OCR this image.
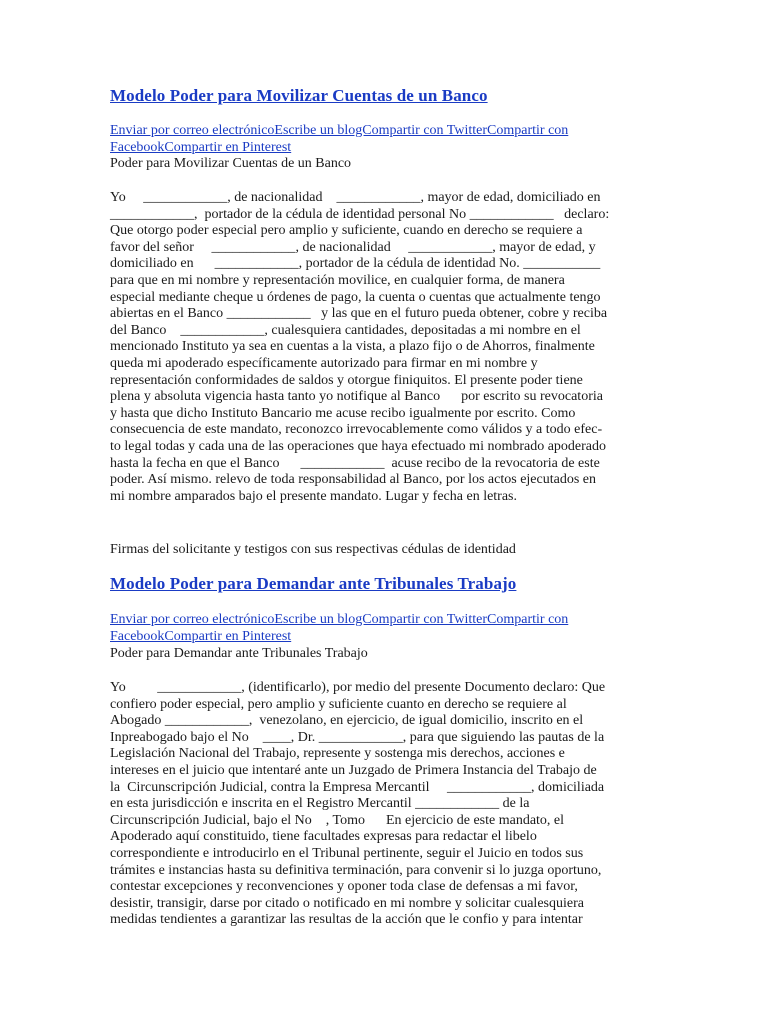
Modelo Poder para Movilizar Cuentas de un Banco
Enviar por correo electrónicoEscribe un blogCompartir con TwitterCompartir con
FacebookCompartir en Pinterest
Poder para Movilizar Cuentas de un Banco
Yo     ____________, de nacionalidad    ____________, mayor de edad, domiciliado en
____________,  portador de la cédula de identidad personal No ____________   declaro:
Que otorgo poder especial pero amplio y suficiente, cuando en derecho se requiere a
favor del señor     ____________, de nacionalidad     ____________, mayor de edad, y
domiciliado en      ____________, portador de la cédula de identidad No. ___________
para que en mi nombre y representación movilice, en cualquier forma, de manera
especial mediante cheque u órdenes de pago, la cuenta o cuentas que actualmente tengo
abiertas en el Banco ____________   y las que en el futuro pueda obtener, cobre y reciba
del Banco    ____________, cualesquiera cantidades, depositadas a mi nombre en el
mencionado Instituto ya sea en cuentas a la vista, a plazo fijo o de Ahorros, finalmente
queda mi apoderado específicamente autorizado para firmar en mi nombre y
representación conformidades de saldos y otorgue finiquitos. El presente poder tiene
plena y absoluta vigencia hasta tanto yo notifique al Banco      por escrito su revocatoria
y hasta que dicho Instituto Bancario me acuse recibo igualmente por escrito. Como
consecuencia de este mandato, reconozco irrevocablemente como válidos y a todo efec-
to legal todas y cada una de las operaciones que haya efectuado mi nombrado apoderado
hasta la fecha en que el Banco      ____________  acuse recibo de la revocatoria de este
poder. Así mismo. relevo de toda responsabilidad al Banco, por los actos ejecutados en
mi nombre amparados bajo el presente mandato. Lugar y fecha en letras.
Firmas del solicitante y testigos con sus respectivas cédulas de identidad
Modelo Poder para Demandar ante Tribunales Trabajo
Enviar por correo electrónicoEscribe un blogCompartir con TwitterCompartir con
FacebookCompartir en Pinterest
Poder para Demandar ante Tribunales Trabajo
Yo         ____________, (identificarlo), por medio del presente Documento declaro: Que
confiero poder especial, pero amplio y suficiente cuanto en derecho se requiere al
Abogado ____________,  venezolano, en ejercicio, de igual domicilio, inscrito en el
Inpreabogado bajo el No    ____, Dr. ____________, para que siguiendo las pautas de la
Legislación Nacional del Trabajo, represente y sostenga mis derechos, acciones e
intereses en el juicio que intentaré ante un Juzgado de Primera Instancia del Trabajo de
la  Circunscripción Judicial, contra la Empresa Mercantil     ____________, domiciliada
en esta jurisdicción e inscrita en el Registro Mercantil ____________ de la
Circunscripción Judicial, bajo el No    , Tomo      En ejercicio de este mandato, el
Apoderado aquí constituido, tiene facultades expresas para redactar el libelo
correspondiente e introducirlo en el Tribunal pertinente, seguir el Juicio en todos sus
trámites e instancias hasta su definitiva terminación, para convenir si lo juzga oportuno,
contestar excepciones y reconvenciones y oponer toda clase de defensas a mi favor,
desistir, transigir, darse por citado o notificado en mi nombre y solicitar cualesquiera
medidas tendientes a garantizar las resultas de la acción que le confio y para intentar
